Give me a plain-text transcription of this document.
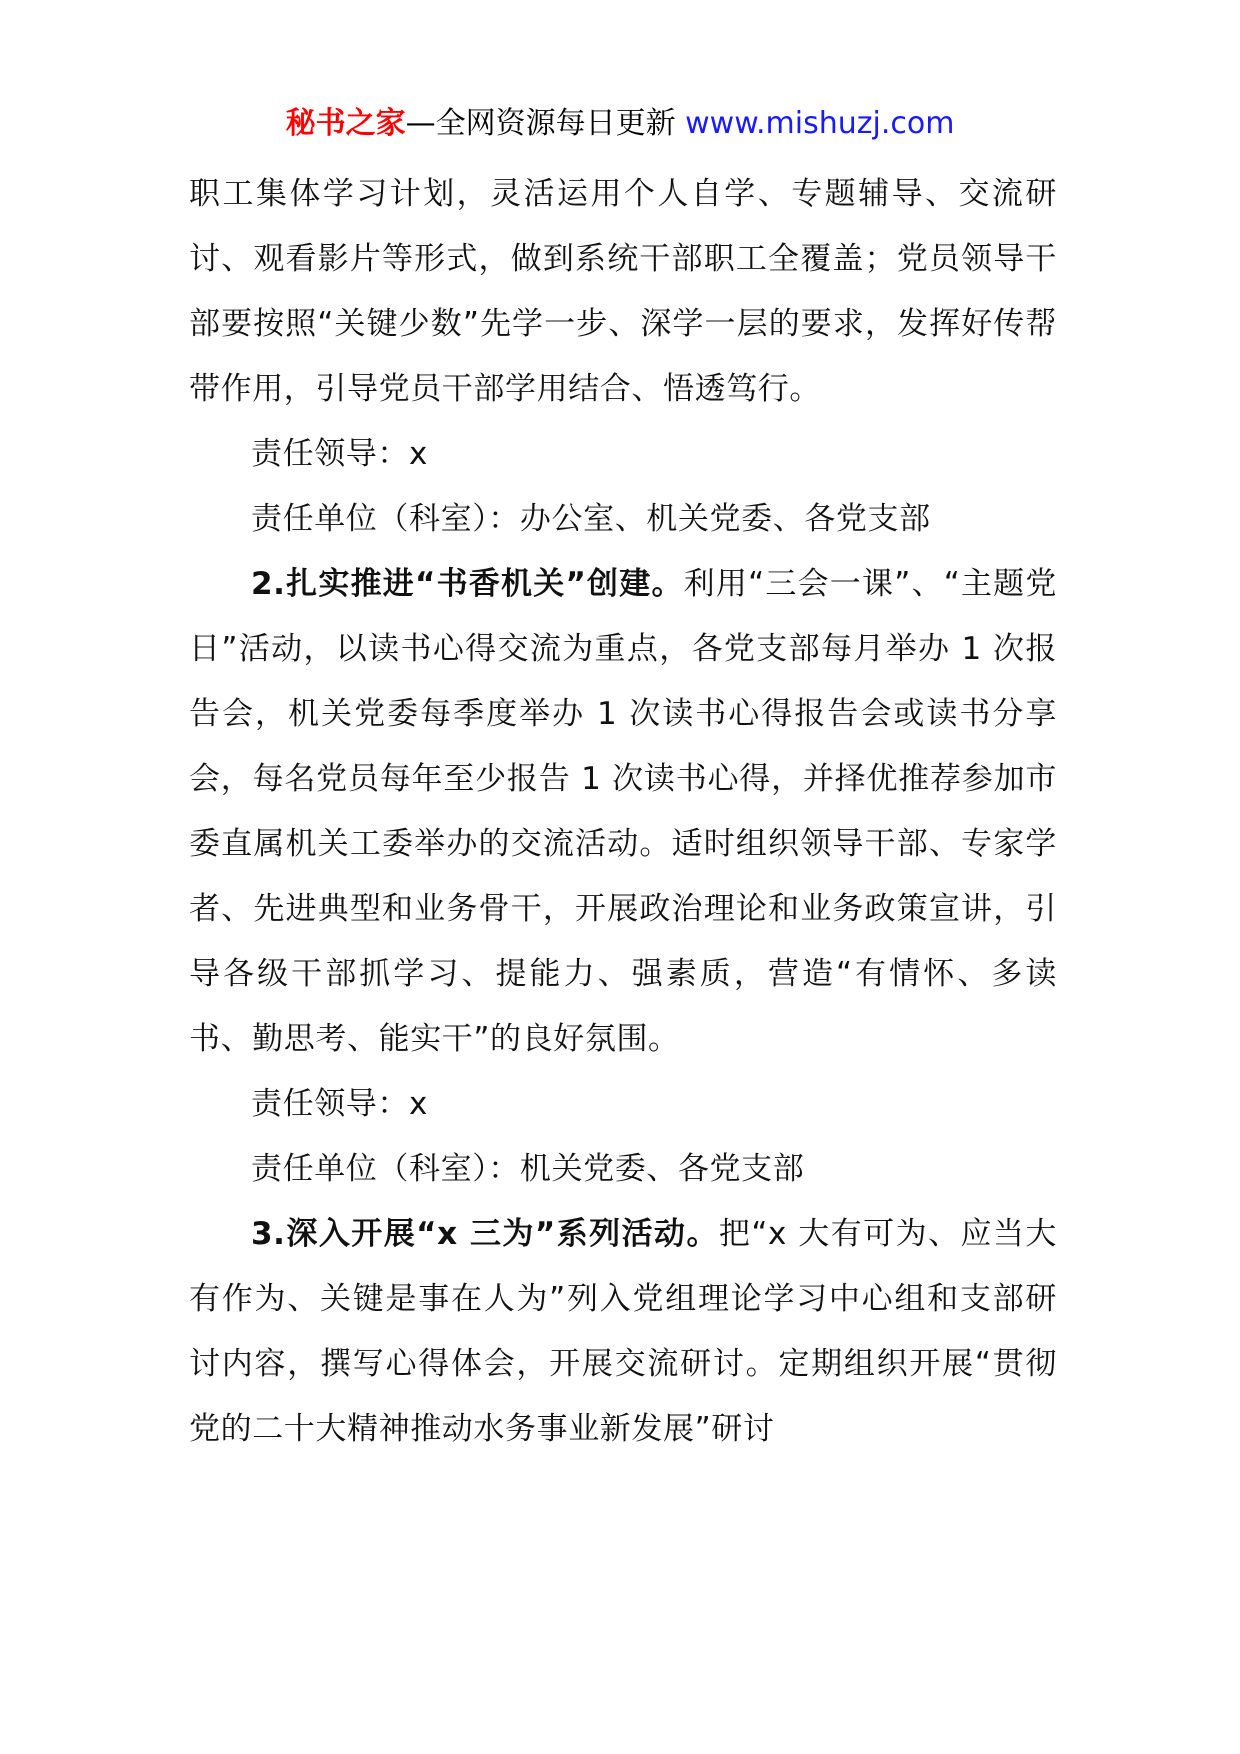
秘书之家—全网资源每日更新 www.mishuzj.com

职工集体学习计划，灵活运用个人自学、专题辅导、交流研讨、观看影片等形式，做到系统干部职工全覆盖；党员领导干部要按照“关键少数”先学一步、深学一层的要求，发挥好传帮带作用，引导党员干部学用结合、悟透笃行。

责任领导：x

责任单位（科室）：办公室、机关党委、各党支部

2.扎实推进“书香机关”创建。利用“三会一课”、“主题党日”活动，以读书心得交流为重点，各党支部每月举办 1 次报告会，机关党委每季度举办 1 次读书心得报告会或读书分享会，每名党员每年至少报告 1 次读书心得，并择优推荐参加市委直属机关工委举办的交流活动。适时组织领导干部、专家学者、先进典型和业务骨干，开展政治理论和业务政策宣讲，引导各级干部抓学习、提能力、强素质，营造“有情怀、多读书、勤思考、能实干”的良好氛围。

责任领导：x

责任单位（科室）：机关党委、各党支部

3.深入开展“x 三为”系列活动。把“x 大有可为、应当大有作为、关键是事在人为”列入党组理论学习中心组和支部研讨内容，撰写心得体会，开展交流研讨。定期组织开展“贯彻党的二十大精神推动水务事业新发展”研讨
